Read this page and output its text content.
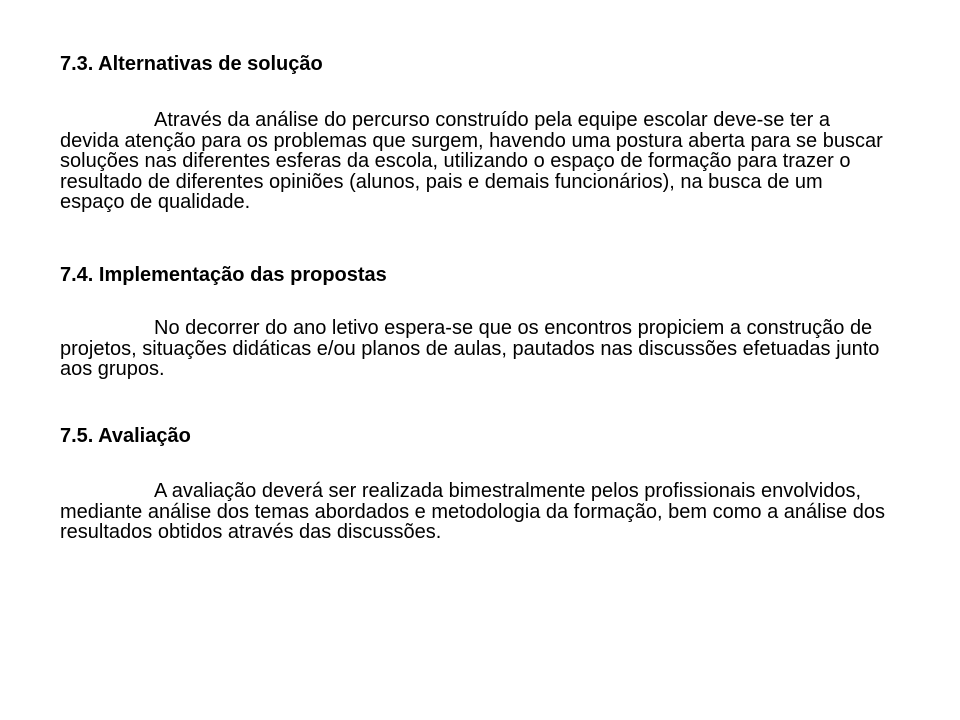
7.3. Alternativas de solução

Através da análise do percurso construído pela equipe escolar deve-se ter a devida atenção para os problemas que surgem, havendo uma postura aberta para se buscar soluções nas diferentes esferas da escola, utilizando o espaço de formação para trazer o resultado de diferentes opiniões (alunos, pais e demais funcionários), na busca de um espaço de qualidade.

7.4. Implementação das propostas

No decorrer do ano letivo espera-se que os encontros propiciem a construção de projetos, situações didáticas e/ou planos de aulas, pautados nas discussões efetuadas junto aos grupos.

7.5. Avaliação

A avaliação deverá ser realizada bimestralmente pelos profissionais envolvidos, mediante análise dos temas abordados e metodologia da formação, bem como a análise dos resultados obtidos através das discussões.
